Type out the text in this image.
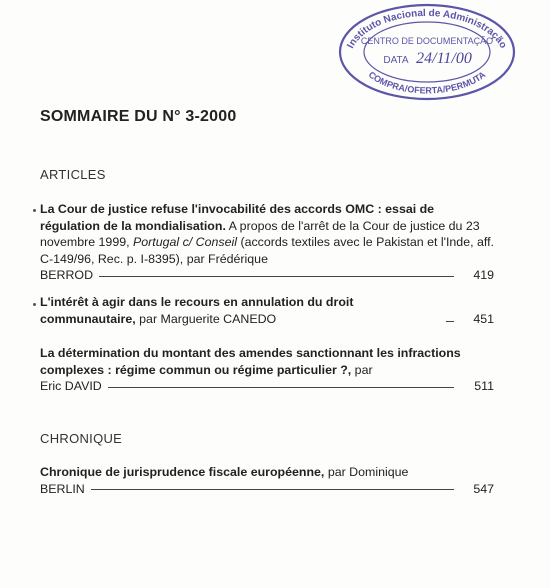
Instituto Nacional de Administração
CENTRO DE DOCUMENTAÇÃO
DATA 24/11/00
COMPRA/OFERTA/PERMUTA
SOMMAIRE DU N° 3-2000
ARTICLES
La Cour de justice refuse l'invocabilité des accords OMC : essai de régulation de la mondialisation. A propos de l'arrêt de la Cour de justice du 23 novembre 1999, Portugal c/ Conseil (accords textiles avec le Pakistan et l'Inde, aff. C-149/96, Rec. p. I-8395), par Frédérique
BERROD	419
L'intérêt à agir dans le recours en annulation du droit communautaire, par Marguerite CANEDO	451
La détermination du montant des amendes sanctionnant les infractions complexes : régime commun ou régime particulier ?, par
Eric DAVID	511
CHRONIQUE
Chronique de jurisprudence fiscale européenne, par Dominique
BERLIN	547
